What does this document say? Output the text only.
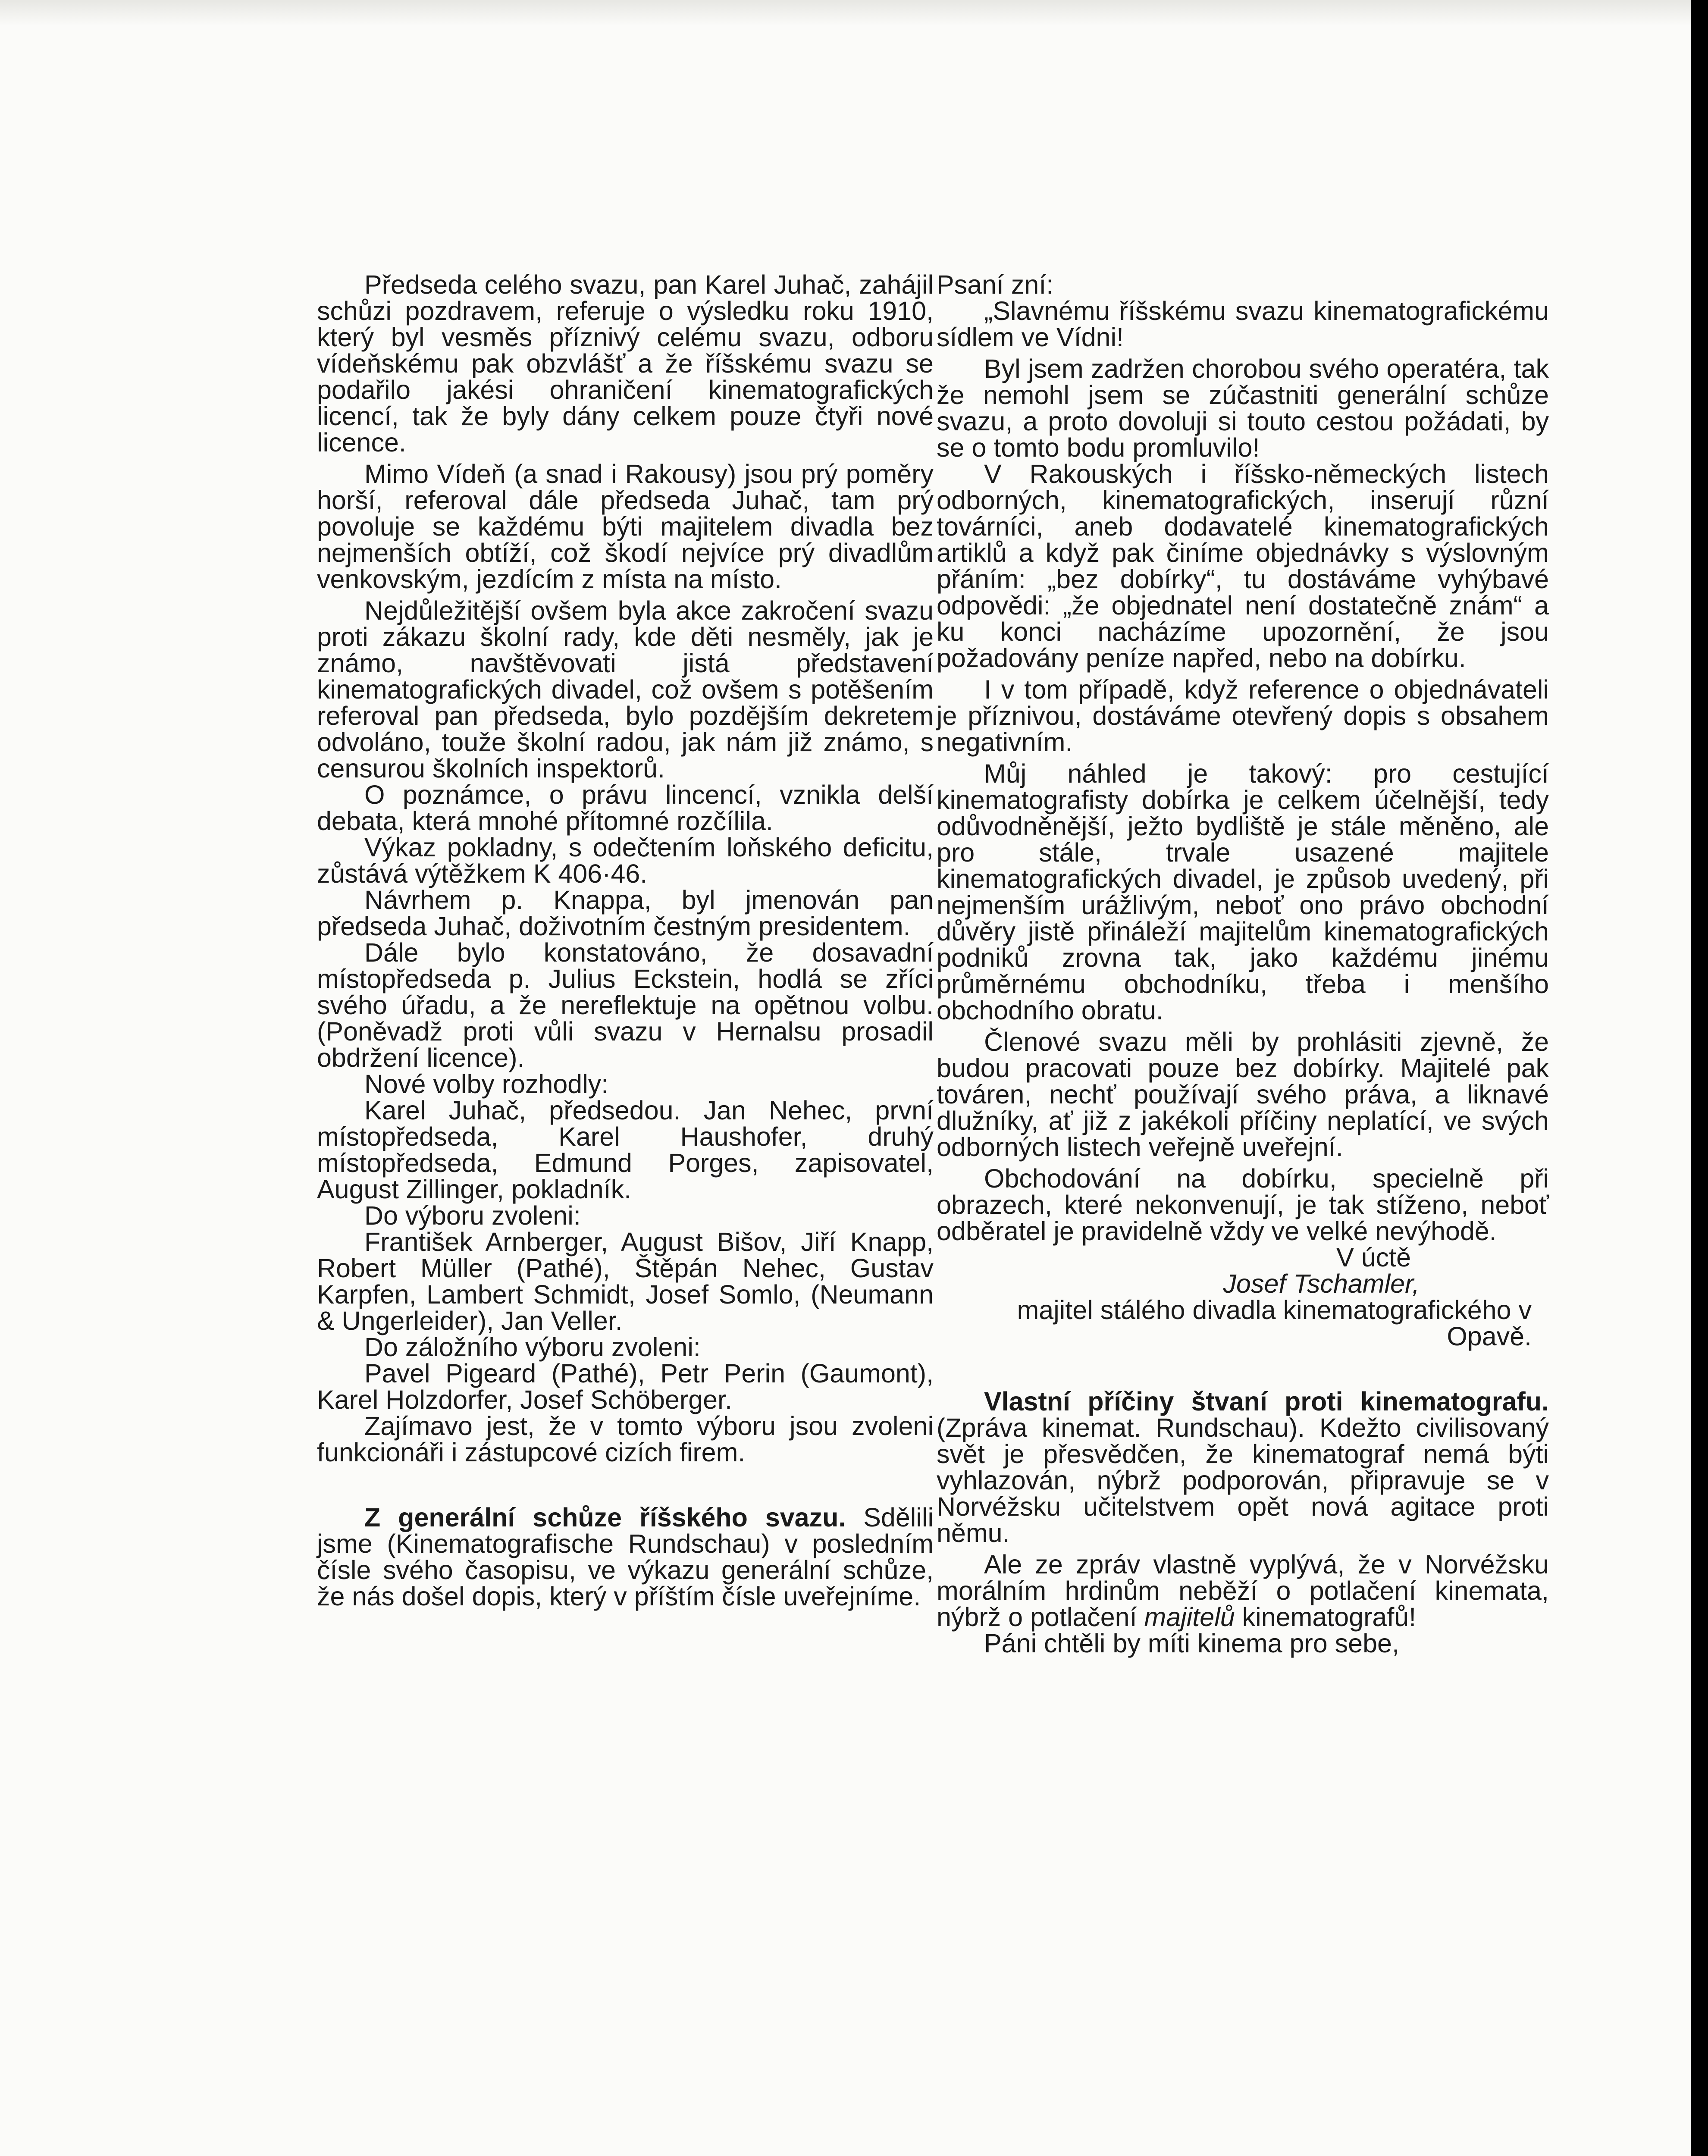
Předseda celého svazu, pan Karel Juhač, zahájil schůzi pozdravem, referuje o výsledku roku 1910, který byl vesměs příznivý celému svazu, odboru vídeňskému pak obzvlášť a že říšskému svazu se podařilo jakési ohraničení kinematografických licencí, tak že byly dány celkem pouze čtyři nové licence.

Mimo Vídeň (a snad i Rakousy) jsou prý poměry horší, referoval dále předseda Juhač, tam prý povoluje se každému býti majitelem divadla bez nejmenších obtíží, což škodí nejvíce prý divadlům venkovským, jezdícím z místa na místo.

Nejdůležitější ovšem byla akce zakročení svazu proti zákazu školní rady, kde děti nesměly, jak je známo, navštěvovati jistá představení kinematografických divadel, což ovšem s potěšením referoval pan předseda, bylo pozdějším dekretem odvoláno, touže školní radou, jak nám již známo, s censurou školních inspektorů.

O poznámce, o právu lincencí, vznikla delší debata, která mnohé přítomné rozčílila.

Výkaz pokladny, s odečtením loňského deficitu, zůstává výtěžkem K 406·46.

Návrhem p. Knappa, byl jmenován pan předseda Juhač, doživotním čestným presidentem.

Dále bylo konstatováno, že dosavadní místopředseda p. Julius Eckstein, hodlá se zříci svého úřadu, a že nereflektuje na opětnou volbu. (Poněvadž proti vůli svazu v Hernalsu prosadil obdržení licence).

Nové volby rozhodly:

Karel Juhač, předsedou. Jan Nehec, první místopředseda, Karel Haushofer, druhý místopředseda, Edmund Porges, zapisovatel, August Zillinger, pokladník.

Do výboru zvoleni:

František Arnberger, August Bišov, Jiří Knapp, Robert Müller (Pathé), Štěpán Nehec, Gustav Karpfen, Lambert Schmidt, Josef Somlo, (Neumann & Ungerleider), Jan Veller.

Do záložního výboru zvoleni:

Pavel Pigeard (Pathé), Petr Perin (Gaumont), Karel Holzdorfer, Josef Schöberger.

Zajímavo jest, že v tomto výboru jsou zvoleni funkcionáři i zástupcové cizích firem.

Z generální schůze říšského svazu. Sdělili jsme (Kinematografische Rundschau) v posledním čísle svého časopisu, ve výkazu generální schůze, že nás došel dopis, který v příštím čísle uveřejníme.

Psaní zní:

„Slavnému říšskému svazu kinematografickému sídlem ve Vídni!

Byl jsem zadržen chorobou svého operatéra, tak že nemohl jsem se zúčastniti generální schůze svazu, a proto dovoluji si touto cestou požádati, by se o tomto bodu promluvilo!

V Rakouských i říšsko-německých listech odborných, kinematografických, inserují různí továrníci, aneb dodavatelé kinematografických artiklů a když pak činíme objednávky s výslovným přáním: „bez dobírky“, tu dostáváme vyhýbavé odpovědi: „že objednatel není dostatečně znám“ a ku konci nacházíme upozornění, že jsou požadovány peníze napřed, nebo na dobírku.

I v tom případě, když reference o objednávateli je příznivou, dostáváme otevřený dopis s obsahem negativním.

Můj náhled je takový: pro cestující kinematografisty dobírka je celkem účelnější, tedy odůvodněnější, ježto bydliště je stále měněno, ale pro stále, trvale usazené majitele kinematografických divadel, je způsob uvedený, při nejmenším urážlivým, neboť ono právo obchodní důvěry jistě přináleží majitelům kinematografických podniků zrovna tak, jako každému jinému průměrnému obchodníku, třeba i menšího obchodního obratu.

Členové svazu měli by prohlásiti zjevně, že budou pracovati pouze bez dobírky. Majitelé pak továren, nechť používají svého práva, a liknavé dlužníky, ať již z jakékoli příčiny neplatící, ve svých odborných listech veřejně uveřejní.

Obchodování na dobírku, specielně při obrazech, které nekonvenují, je tak stíženo, neboť odběratel je pravidelně vždy ve velké nevýhodě.

V úctě

Josef Tschamler,

majitel stálého divadla kinematografického v Opavě.

Vlastní příčiny štvaní proti kinematografu. (Zpráva kinemat. Rundschau). Kdežto civilisovaný svět je přesvědčen, že kinematograf nemá býti vyhlazován, nýbrž podporován, připravuje se v Norvéžsku učitelstvem opět nová agitace proti němu.

Ale ze zpráv vlastně vyplývá, že v Norvéžsku morálním hrdinům neběží o potlačení kinemata, nýbrž o potlačení majitelů kinematografů!

Páni chtěli by míti kinema pro sebe,
